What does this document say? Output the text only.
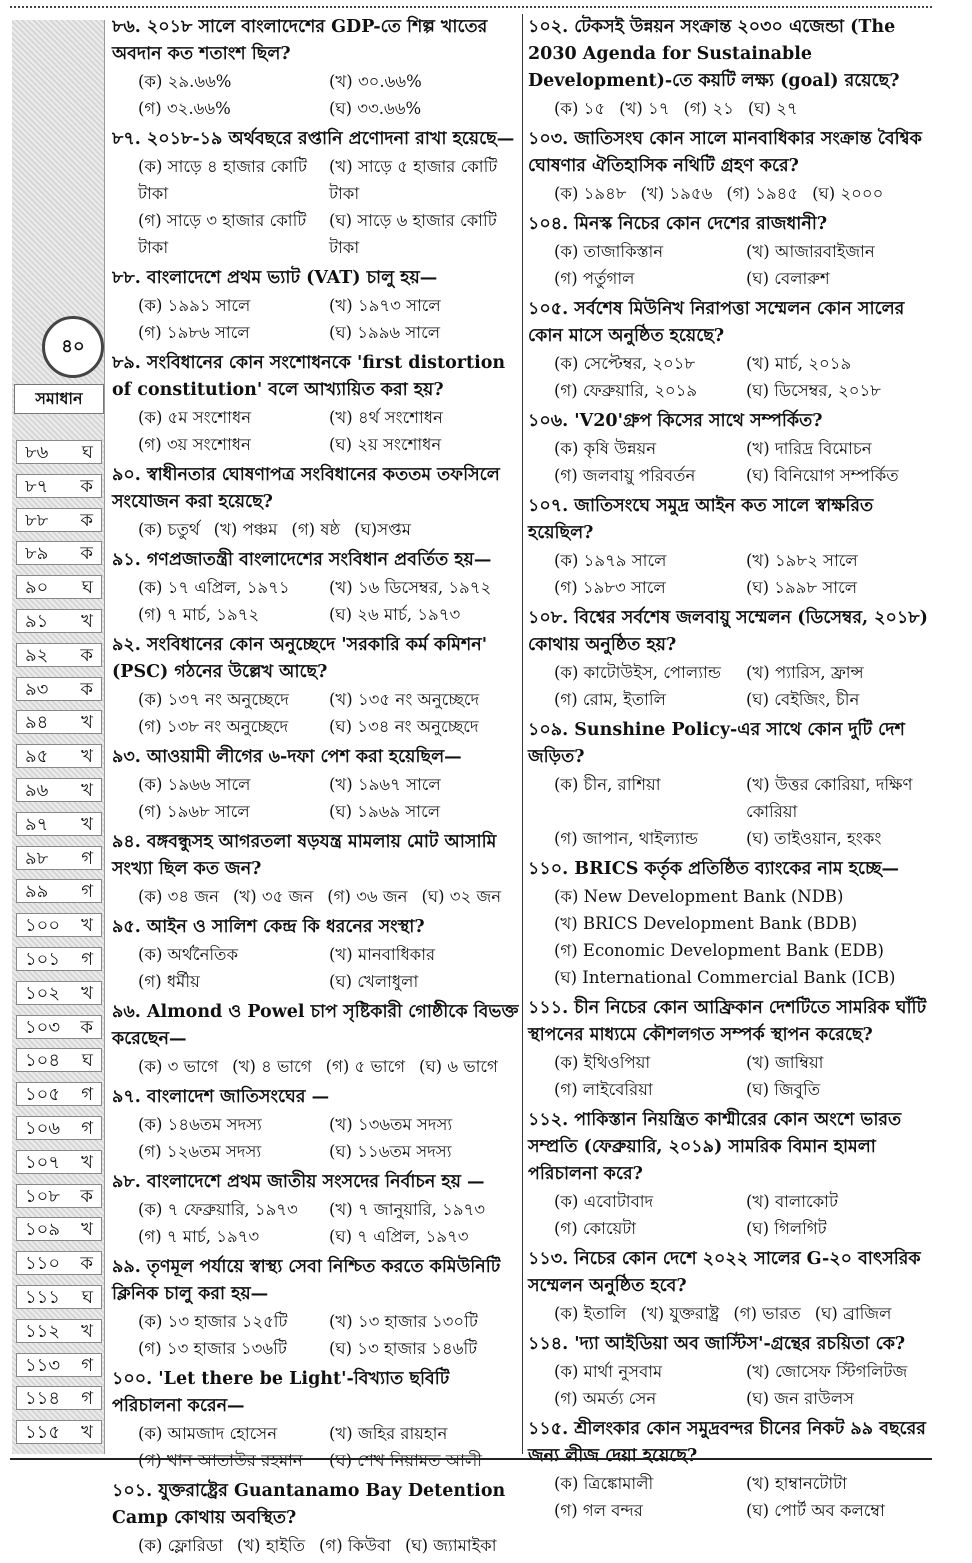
৪০
সমাধান
৮৬ ঘ
৮৭ ক
৮৮ ক
৮৯ ক
৯০ ঘ
৯১ খ
৯২ ক
৯৩ ক
৯৪ খ
৯৫ খ
৯৬ খ
৯৭ খ
৯৮ গ
৯৯ গ
১০০ খ
১০১ গ
১০২ খ
১০৩ ক
১০৪ ঘ
১০৫ গ
১০৬ গ
১০৭ খ
১০৮ ক
১০৯ খ
১১০ ক
১১১ ঘ
১১২ খ
১১৩ গ
১১৪ গ
১১৫ খ
৮৬. ২০১৮ সালে বাংলাদেশের GDP-তে শিল্প খাতের অবদান কত শতাংশ ছিল?
(ক) ২৯.৬৬%	(খ) ৩০.৬৬%
(গ) ৩২.৬৬%	(ঘ) ৩৩.৬৬%
৮৭. ২০১৮-১৯ অর্থবছরে রপ্তানি প্রণোদনা রাখা হয়েছে—
(ক) সাড়ে ৪ হাজার কোটি টাকা
(খ) সাড়ে ৫ হাজার কোটি টাকা
(গ) সাড়ে ৩ হাজার কোটি টাকা
(ঘ) সাড়ে ৬ হাজার কোটি টাকা
৮৮. বাংলাদেশে প্রথম ভ্যাট (VAT) চালু হয়—
(ক) ১৯৯১ সালে	(খ) ১৯৭৩ সালে
(গ) ১৯৮৬ সালে	(ঘ) ১৯৯৬ সালে
৮৯. সংবিধানের কোন সংশোধনকে 'first distortion of constitution' বলে আখ্যায়িত করা হয়?
(ক) ৫ম সংশোধন	(খ) ৪র্থ সংশোধন
(গ) ৩য় সংশোধন	(ঘ) ২য় সংশোধন
৯০. স্বাধীনতার ঘোষণাপত্র সংবিধানের কততম তফসিলে সংযোজন করা হয়েছে?
(ক) চতুর্থ (খ) পঞ্চম (গ) ষষ্ঠ (ঘ)সপ্তম
৯১. গণপ্রজাতন্ত্রী বাংলাদেশের সংবিধান প্রবর্তিত হয়—
(ক) ১৭ এপ্রিল, ১৯৭১	(খ) ১৬ ডিসেম্বর, ১৯৭২
(গ) ৭ মার্চ, ১৯৭২	(ঘ) ২৬ মার্চ, ১৯৭৩
৯২. সংবিধানের কোন অনুচ্ছেদে 'সরকারি কর্ম কমিশন' (PSC) গঠনের উল্লেখ আছে?
(ক) ১৩৭ নং অনুচ্ছেদে	(খ) ১৩৫ নং অনুচ্ছেদে
(গ) ১৩৮ নং অনুচ্ছেদে	(ঘ) ১৩৪ নং অনুচ্ছেদে
৯৩. আওয়ামী লীগের ৬-দফা পেশ করা হয়েছিল—
(ক) ১৯৬৬ সালে	(খ) ১৯৬৭ সালে
(গ) ১৯৬৮ সালে	(ঘ) ১৯৬৯ সালে
৯৪. বঙ্গবন্ধুসহ আগরতলা ষড়যন্ত্র মামলায় মোট আসামি সংখ্যা ছিল কত জন?
(ক) ৩৪ জন (খ) ৩৫ জন (গ) ৩৬ জন (ঘ) ৩২ জন
৯৫. আইন ও সালিশ কেন্দ্র কি ধরনের সংস্থা?
(ক) অর্থনৈতিক	(খ) মানবাধিকার
(গ) ধর্মীয়	(ঘ) খেলাধুলা
৯৬. Almond ও Powel চাপ সৃষ্টিকারী গোষ্ঠীকে বিভক্ত করেছেন—
(ক) ৩ ভাগে (খ) ৪ ভাগে (গ) ৫ ভাগে (ঘ) ৬ ভাগে
৯৭. বাংলাদেশ জাতিসংঘের —
(ক) ১৪৬তম সদস্য	(খ) ১৩৬তম সদস্য
(গ) ১২৬তম সদস্য	(ঘ) ১১৬তম সদস্য
৯৮. বাংলাদেশে প্রথম জাতীয় সংসদের নির্বাচন হয় —
(ক) ৭ ফেব্রুয়ারি, ১৯৭৩	(খ) ৭ জানুয়ারি, ১৯৭৩
(গ) ৭ মার্চ, ১৯৭৩	(ঘ) ৭ এপ্রিল, ১৯৭৩
৯৯. তৃণমূল পর্যায়ে স্বাস্থ্য সেবা নিশ্চিত করতে কমিউনিটি ক্লিনিক চালু করা হয়—
(ক) ১৩ হাজার ১২৫টি	(খ) ১৩ হাজার ১৩০টি
(গ) ১৩ হাজার ১৩৬টি	(ঘ) ১৩ হাজার ১৪৬টি
১০০. 'Let there be Light'-বিখ্যাত ছবিটি পরিচালনা করেন—
(ক) আমজাদ হোসেন	(খ) জহির রায়হান
(গ) খান আতাউর রহমান	(ঘ) শেখ নিয়ামত আলী
১০১. যুক্তরাষ্ট্রের Guantanamo Bay Detention Camp কোথায় অবস্থিত?
(ক) ফ্লোরিডা (খ) হাইতি (গ) কিউবা (ঘ) জ্যামাইকা
১০২. টেকসই উন্নয়ন সংক্রান্ত ২০৩০ এজেন্ডা (The 2030 Agenda for Sustainable Development)-তে কয়টি লক্ষ্য (goal) রয়েছে?
(ক) ১৫ (খ) ১৭ (গ) ২১ (ঘ) ২৭
১০৩. জাতিসংঘ কোন সালে মানবাধিকার সংক্রান্ত বৈশ্বিক ঘোষণার ঐতিহাসিক নথিটি গ্রহণ করে?
(ক) ১৯৪৮ (খ) ১৯৫৬ (গ) ১৯৪৫ (ঘ) ২০০০
১০৪. মিনস্ক নিচের কোন দেশের রাজধানী?
(ক) তাজাকিস্তান	(খ) আজারবাইজান
(গ) পর্তুগাল	(ঘ) বেলারুশ
১০৫. সর্বশেষ মিউনিখ নিরাপত্তা সম্মেলন কোন সালের কোন মাসে অনুষ্ঠিত হয়েছে?
(ক) সেপ্টেম্বর, ২০১৮	(খ) মার্চ, ২০১৯
(গ) ফেব্রুয়ারি, ২০১৯	(ঘ) ডিসেম্বর, ২০১৮
১০৬. 'V20'গ্রুপ কিসের সাথে সম্পর্কিত?
(ক) কৃষি উন্নয়ন	(খ) দারিদ্র বিমোচন
(গ) জলবায়ু পরিবর্তন	(ঘ) বিনিয়োগ সম্পর্কিত
১০৭. জাতিসংঘে সমুদ্র আইন কত সালে স্বাক্ষরিত হয়েছিল?
(ক) ১৯৭৯ সালে	(খ) ১৯৮২ সালে
(গ) ১৯৮৩ সালে	(ঘ) ১৯৯৮ সালে
১০৮. বিশ্বের সর্বশেষ জলবায়ু সম্মেলন (ডিসেম্বর, ২০১৮) কোথায় অনুষ্ঠিত হয়?
(ক) কাটোউইস, পোল্যান্ড	(খ) প্যারিস, ফ্রান্স
(গ) রোম, ইতালি	(ঘ) বেইজিং, চীন
১০৯. Sunshine Policy-এর সাথে কোন দুটি দেশ জড়িত?
(ক) চীন, রাশিয়া	(খ) উত্তর কোরিয়া, দক্ষিণ কোরিয়া
(গ) জাপান, থাইল্যান্ড	(ঘ) তাইওয়ান, হংকং
১১০. BRICS কর্তৃক প্রতিষ্ঠিত ব্যাংকের নাম হচ্ছে—
(ক) New Development Bank (NDB)
(খ) BRICS Development Bank (BDB)
(গ) Economic Development Bank (EDB)
(ঘ) International Commercial Bank (ICB)
১১১. চীন নিচের কোন আফ্রিকান দেশটিতে সামরিক ঘাঁটি স্থাপনের মাধ্যমে কৌশলগত সম্পর্ক স্থাপন করেছে?
(ক) ইথিওপিয়া	(খ) জাম্বিয়া
(গ) লাইবেরিয়া	(ঘ) জিবুতি
১১২. পাকিস্তান নিয়ন্ত্রিত কাশ্মীরের কোন অংশে ভারত সম্প্রতি (ফেব্রুয়ারি, ২০১৯) সামরিক বিমান হামলা পরিচালনা করে?
(ক) এবোটাবাদ	(খ) বালাকোট
(গ) কোয়েটা	(ঘ) গিলগিট
১১৩. নিচের কোন দেশে ২০২২ সালের G-২০ বাৎসরিক সম্মেলন অনুষ্ঠিত হবে?
(ক) ইতালি (খ) যুক্তরাষ্ট্র (গ) ভারত (ঘ) ব্রাজিল
১১৪. 'দ্যা আইডিয়া অব জাস্টিস'-গ্রন্থের রচয়িতা কে?
(ক) মার্থা নুসবাম	(খ) জোসেফ স্টিগলিটজ
(গ) অমর্ত্য সেন	(ঘ) জন রাউলস
১১৫. শ্রীলংকার কোন সমুদ্রবন্দর চীনের নিকট ৯৯ বছরের জন্য লীজ দেয়া হয়েছে?
(ক) ত্রিঙ্কোমালী	(খ) হাম্বানটোটা
(গ) গল বন্দর	(ঘ) পোর্ট অব কলম্বো
